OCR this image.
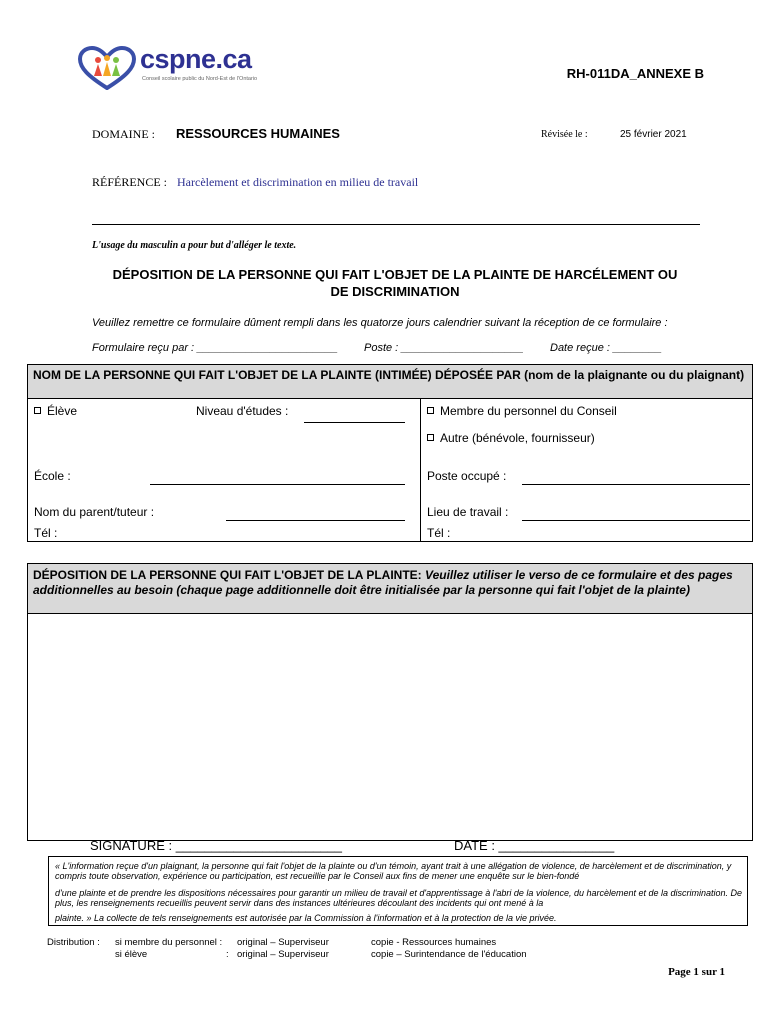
cspne.ca
Conseil scolaire public du Nord-Est de l'Ontario	RH-011DA_ANNEXE B
DOMAINE : RESSOURCES HUMAINES	Révisée le :	25 février 2021
RÉFÉRENCE : Harcèlement et discrimination en milieu de travail
L'usage du masculin a pour but d'alléger le texte.
DÉPOSITION DE LA PERSONNE QUI FAIT L'OBJET DE LA PLAINTE DE HARCÉLEMENT OU
DE DISCRIMINATION
Veuillez remettre ce formulaire dûment rempli dans les quatorze jours calendrier suivant la réception de ce formulaire :
Formulaire reçu par : _______________________ Poste : ____________________ Date reçue : ________
NOM DE LA PERSONNE QUI FAIT L'OBJET DE LA PLAINTE (INTIMÉE) DÉPOSÉE PAR (nom de la plaignante ou du plaignant)
Élève	Niveau d'études :	Membre du personnel du Conseil
Autre (bénévole, fournisseur)
École :	Poste occupé :
Nom du parent/tuteur :	Lieu de travail :
Tél :	Tél :
DÉPOSITION DE LA PERSONNE QUI FAIT L'OBJET DE LA PLAINTE: Veuillez utiliser le verso de ce formulaire et des pages additionnelles au besoin (chaque page additionnelle doit être initialisée par la personne qui fait l'objet de la plainte)
SIGNATURE : _______________________	DATE : ________________
« L'information reçue d'un plaignant, la personne qui fait l'objet de la plainte ou d'un témoin, ayant trait à une allégation de violence, de harcèlement et de discrimination, y compris toute observation, expérience ou participation, est recueillie par le Conseil aux fins de mener une enquête sur le bien-fondé
d'une plainte et de prendre les dispositions nécessaires pour garantir un milieu de travail et d'apprentissage à l'abri de la violence, du harcèlement et de la discrimination. De plus, les renseignements recueillis peuvent servir dans des instances ultérieures découlant des incidents qui ont mené à la
plainte. » La collecte de tels renseignements est autorisée par la Commission à l'information et à la protection de la vie privée.
Distribution : si membre du personnel : original – Superviseur	copie - Ressources humaines
si élève	: original – Superviseur	copie – Surintendance de l'éducation
Page 1 sur 1
